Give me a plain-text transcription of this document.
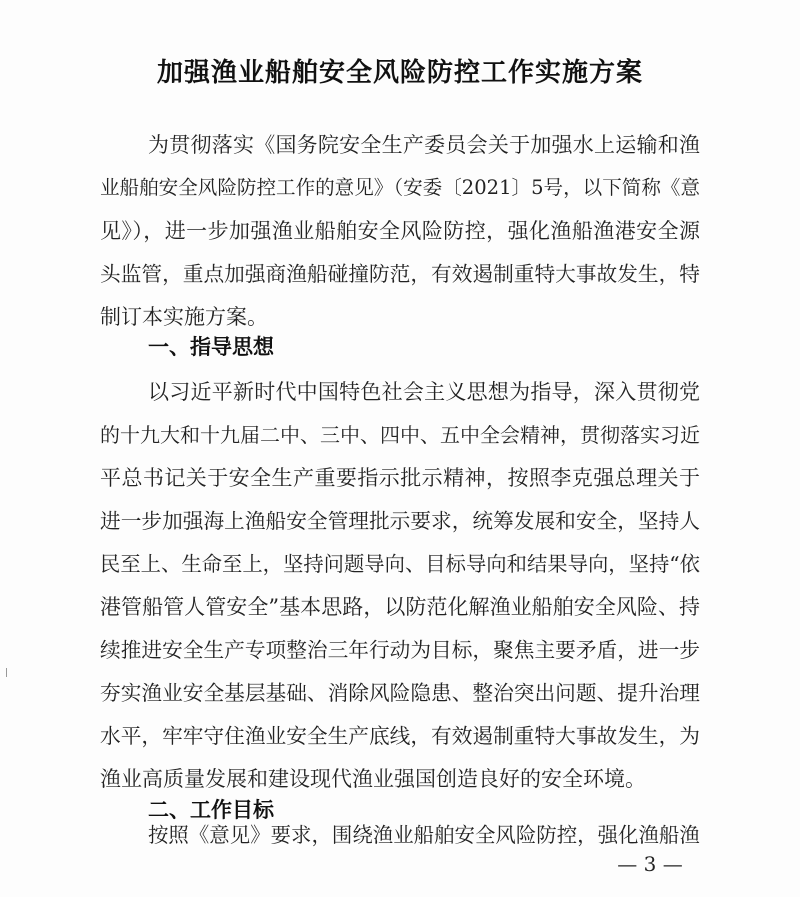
加强渔业船舶安全风险防控工作实施方案
为贯彻落实《国务院安全生产委员会关于加强水上运输和渔
业船舶安全风险防控工作的意见》（安委〔2021〕5号，以下简称《意
见》），进一步加强渔业船舶安全风险防控，强化渔船渔港安全源
头监管，重点加强商渔船碰撞防范，有效遏制重特大事故发生，特
制订本实施方案。
一、指导思想
以习近平新时代中国特色社会主义思想为指导，深入贯彻党
的十九大和十九届二中、三中、四中、五中全会精神，贯彻落实习近
平总书记关于安全生产重要指示批示精神，按照李克强总理关于
进一步加强海上渔船安全管理批示要求，统筹发展和安全，坚持人
民至上、生命至上，坚持问题导向、目标导向和结果导向，坚持“依
港管船管人管安全”基本思路，以防范化解渔业船舶安全风险、持
续推进安全生产专项整治三年行动为目标，聚焦主要矛盾，进一步
夯实渔业安全基层基础、消除风险隐患、整治突出问题、提升治理
水平，牢牢守住渔业安全生产底线，有效遏制重特大事故发生，为
渔业高质量发展和建设现代渔业强国创造良好的安全环境。
二、工作目标
— 3 —
按照《意见》要求，围绕渔业船舶安全风险防控，强化渔船渔
